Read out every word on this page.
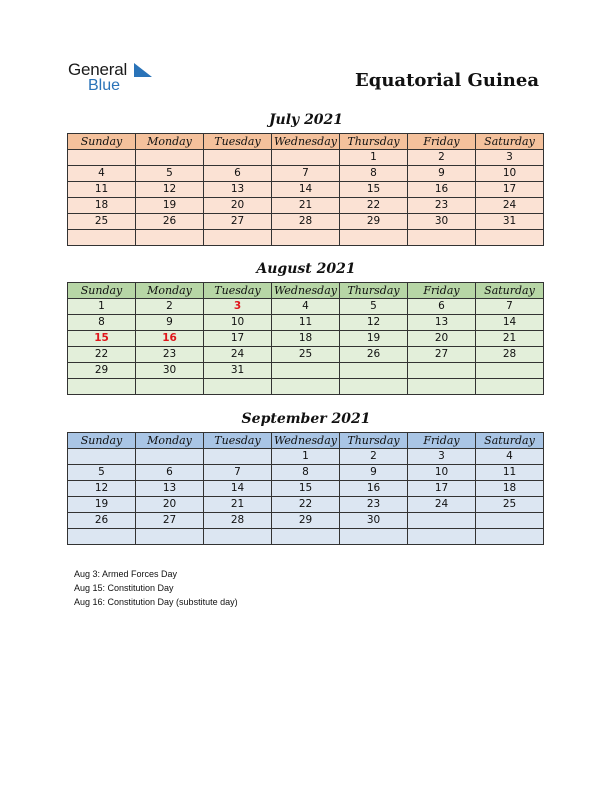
General
Blue	Equatorial Guinea
July 2021
Sunday	Monday	Tuesday	Wednesday	Thursday	Friday	Saturday
				1	2	3
4	5	6	7	8	9	10
11	12	13	14	15	16	17
18	19	20	21	22	23	24
25	26	27	28	29	30	31

August 2021
Sunday	Monday	Tuesday	Wednesday	Thursday	Friday	Saturday
1	2	3	4	5	6	7
8	9	10	11	12	13	14
15	16	17	18	19	20	21
22	23	24	25	26	27	28
29	30	31				

September 2021
Sunday	Monday	Tuesday	Wednesday	Thursday	Friday	Saturday
			1	2	3	4
5	6	7	8	9	10	11
12	13	14	15	16	17	18
19	20	21	22	23	24	25
26	27	28	29	30		

Aug 3: Armed Forces Day
Aug 15: Constitution Day
Aug 16: Constitution Day (substitute day)
